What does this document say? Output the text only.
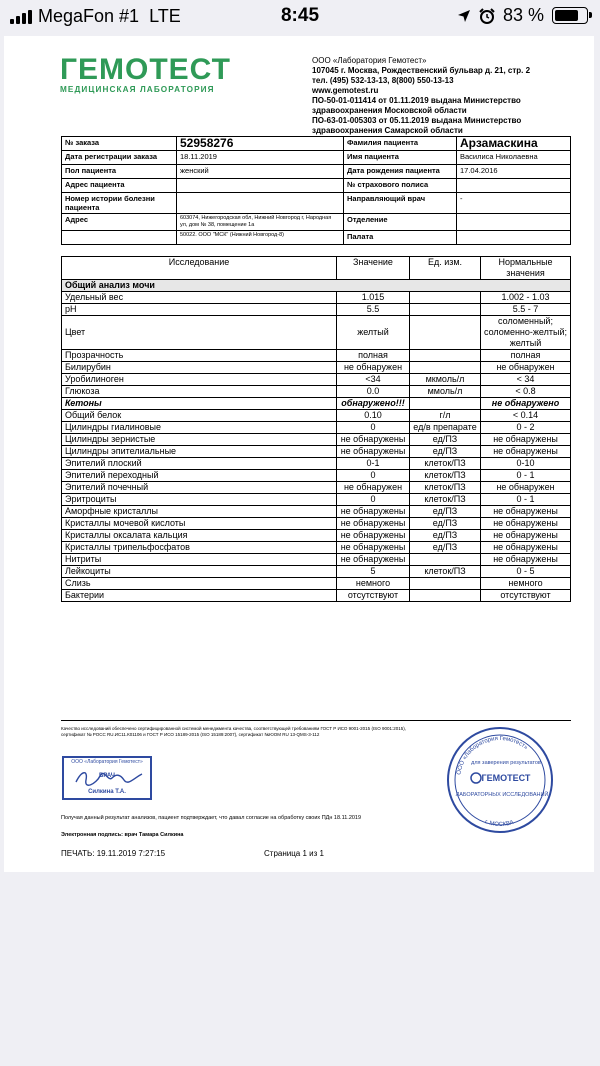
MegaFon #1 LTE	8:45	83 %
ГЕМОТЕСТ
МЕДИЦИНСКАЯ ЛАБОРАТОРИЯ
ООО «Лаборатория Гемотест»
107045 г. Москва, Рождественский бульвар д. 21, стр. 2
тел. (495) 532-13-13, 8(800) 550-13-13
www.gemotest.ru
ПО-50-01-011414 от 01.11.2019 выдана Министерство здравоохранения Московской области
ПО-63-01-005303 от 05.11.2019 выдана Министерство здравоохранения Самарской области
№ заказа	52958276	Фамилия пациента	Арзамаскина
Дата регистрации заказа	18.11.2019	Имя пациента	Василиса Николаевна
Пол пациента	женский	Дата рождения пациента	17.04.2016
Адрес пациента		№ страхового полиса	
Номер истории болезни пациента		Направляющий врач	-
Адрес	603074, Нижегородская обл, Нижний Новгород г, Народная ул, дом № 38, помещение 1а	Отделение	
	50022. ООО "МСК" (Нижний Новгород-8)	Палата	
Исследование	Значение	Ед. изм.	Нормальные значения
Общий анализ мочи			
Удельный вес	1.015		1.002 - 1.03
pH	5.5		5.5 - 7
Цвет	желтый		соломенный; соломенно-желтый; желтый
Прозрачность	полная		полная
Билирубин	не обнаружен		не обнаружен
Уробилиноген	<34	мкмоль/л	< 34
Глюкоза	0.0	ммоль/л	< 0.8
Кетоны	обнаружено!!!		не обнаружено
Общий белок	0.10	г/л	< 0.14
Цилиндры гиалиновые	0	ед/в препарате	0 - 2
Цилиндры зернистые	не обнаружены	ед/ПЗ	не обнаружены
Цилиндры эпителиальные	не обнаружены	ед/ПЗ	не обнаружены
Эпителий плоский	0-1	клеток/ПЗ	0-10
Эпителий переходный	0	клеток/ПЗ	0 - 1
Эпителий почечный	не обнаружен	клеток/ПЗ	не обнаружен
Эритроциты	0	клеток/ПЗ	0 - 1
Аморфные кристаллы	не обнаружены	ед/ПЗ	не обнаружены
Кристаллы мочевой кислоты	не обнаружены	ед/ПЗ	не обнаружены
Кристаллы оксалата кальция	не обнаружены	ед/ПЗ	не обнаружены
Кристаллы трипельфосфатов	не обнаружены	ед/ПЗ	не обнаружены
Нитриты	не обнаружены		не обнаружены
Лейкоциты	5	клеток/ПЗ	0 - 5
Слизь	немного		немного
Бактерии	отсутствуют		отсутствуют
Качество исследований обеспечено сертифицированной системой менеджмента качества, соответствующей требованиям ГОСТ Р ИСО 9001-2015 (ISO 9001:2015), сертификат № РОСС RU.ИС11.К01106 и ГОСТ Р ИСО 15189-2015 (ISO 15189:2007), сертификат №ЮОМ RU 13-QMS-3-112
ООО «Лаборатория Гемотест»
ВРАЧ
Силкина Т.А.
ООО «Лаборатория Гемотест»
г. МОСКВА
для заверения результатов
ГЕМОТЕСТ
ЛАБОРАТОРНЫХ ИССЛЕДОВАНИЙ
Получая данный результат анализов, пациент подтверждает, что давал согласие на обработку своих ПДн 18.11.2019
Электронная подпись: врач Тамара Силкина
ПЕЧАТЬ: 19.11.2019 7:27:15	Страница 1 из 1
